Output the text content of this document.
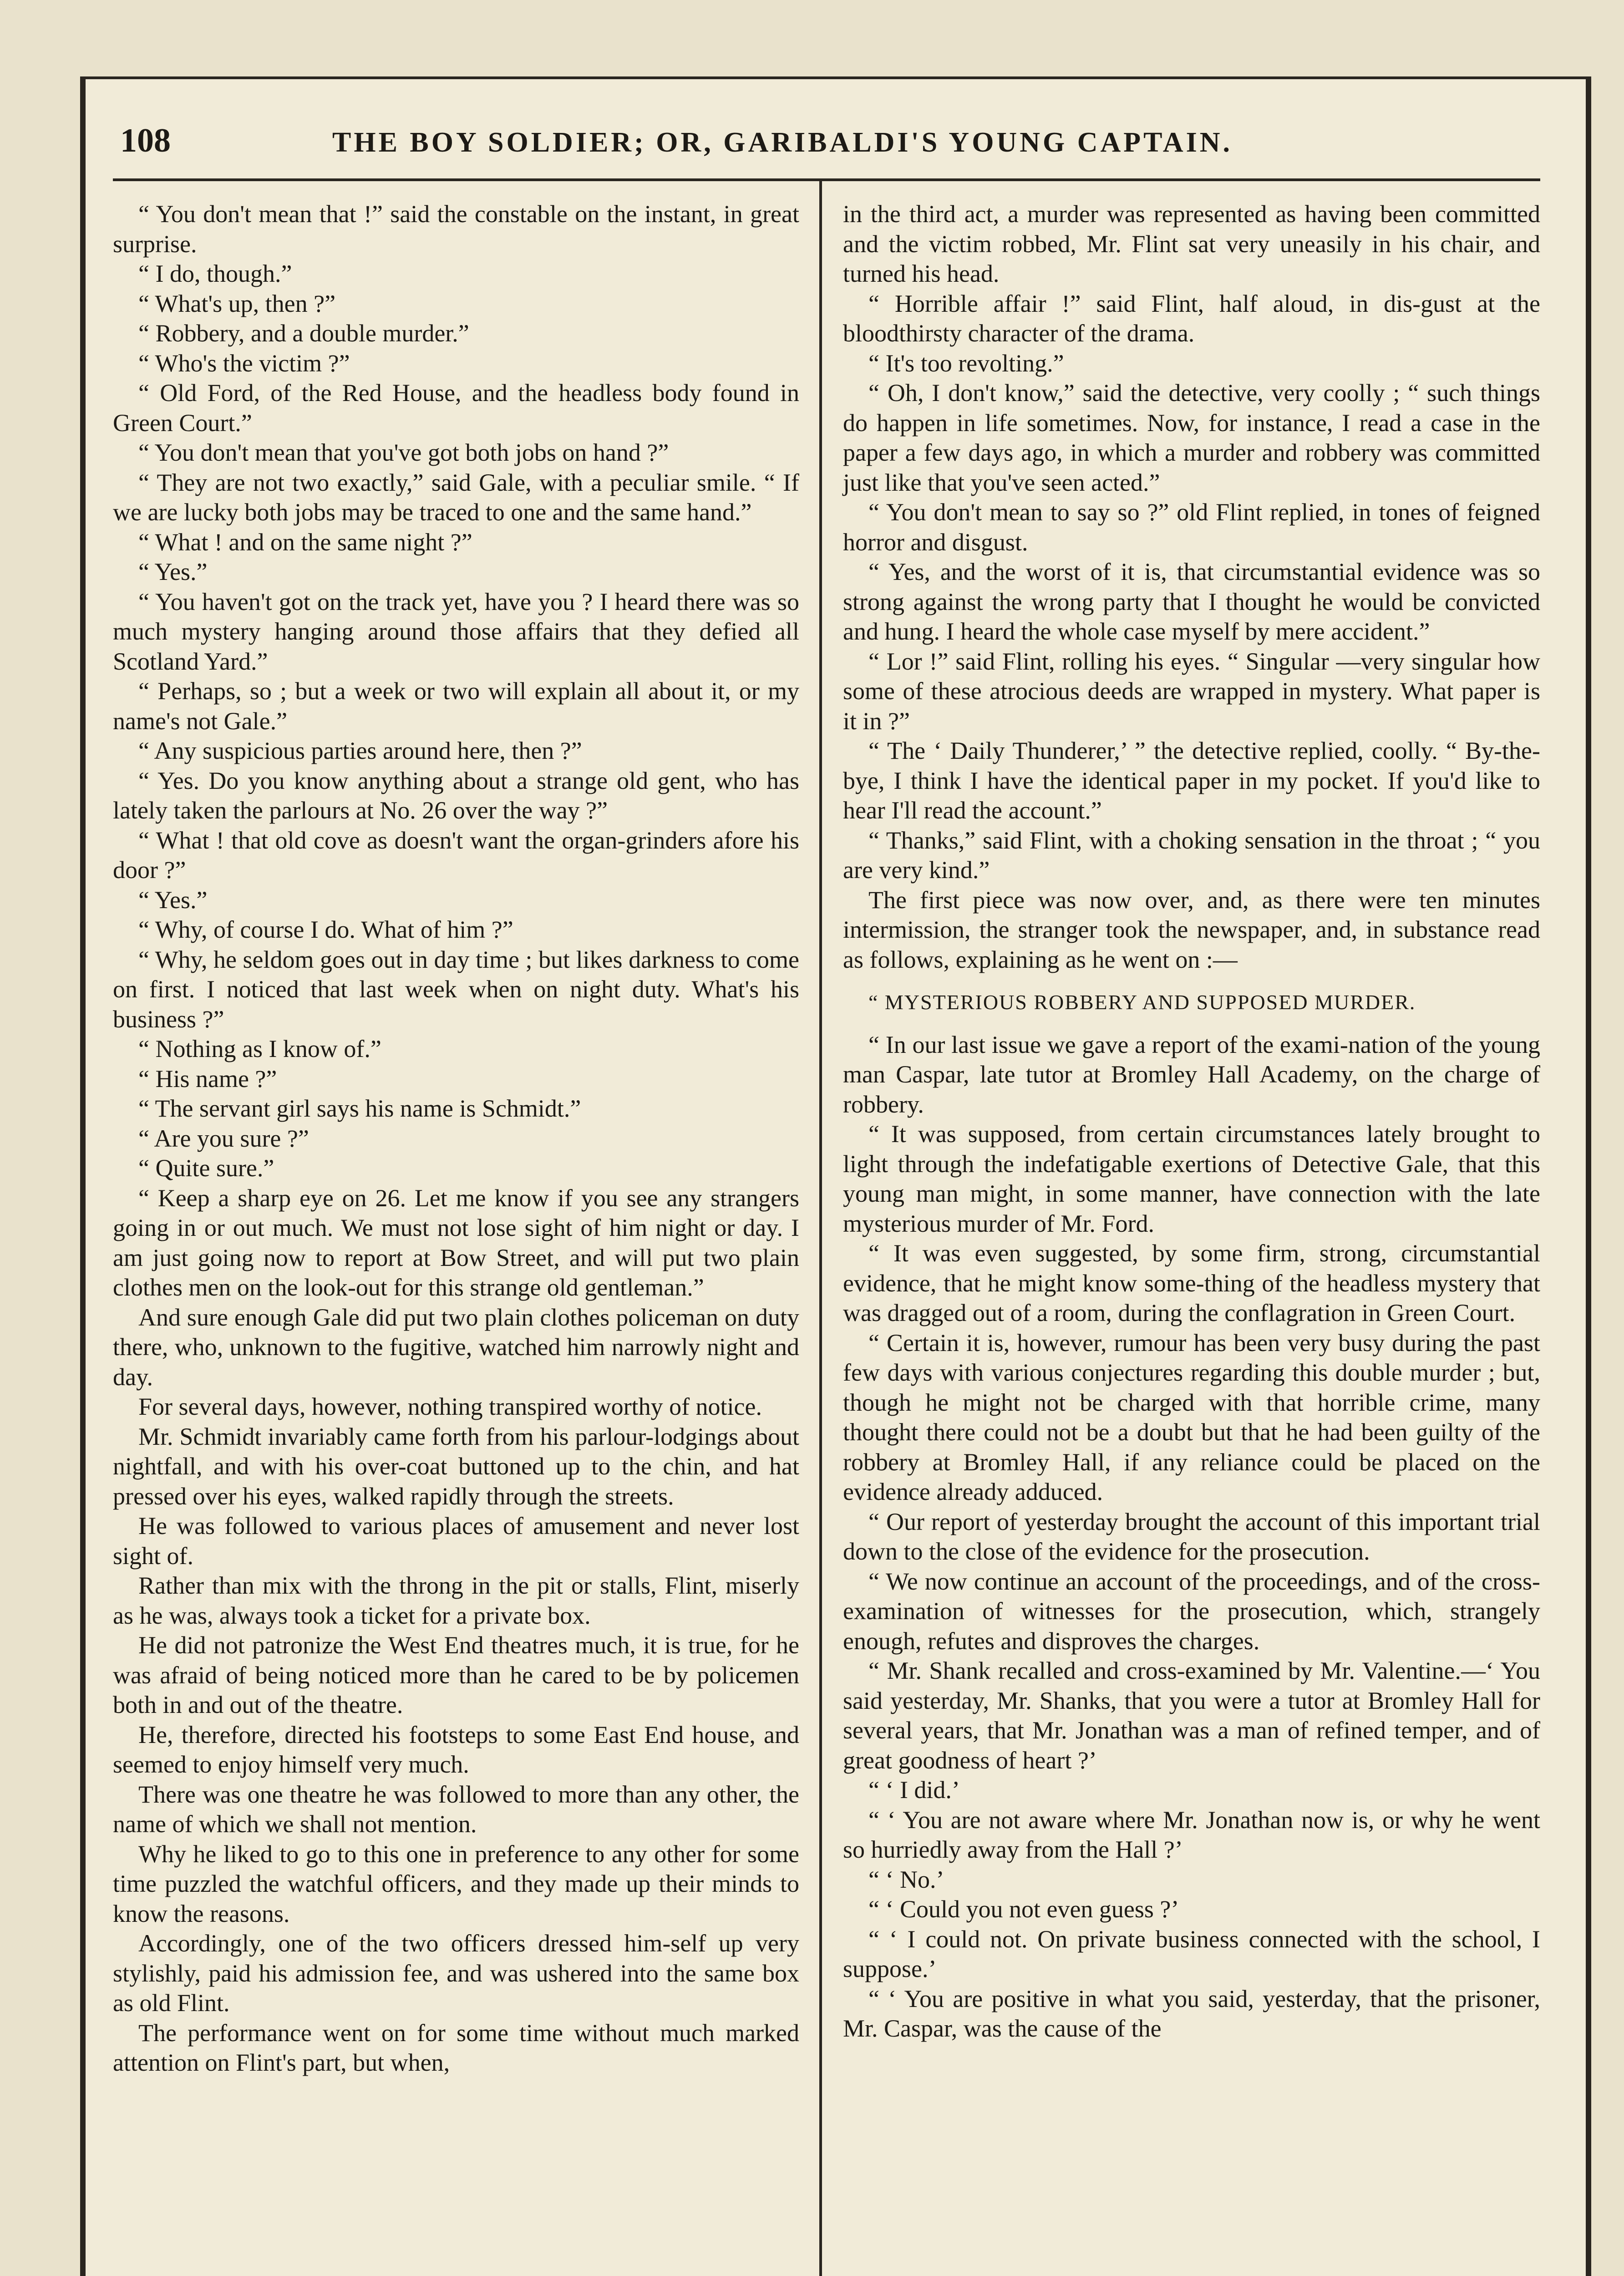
108	THE BOY SOLDIER; OR, GARIBALDI'S YOUNG CAPTAIN.

“ You don't mean that !” said the constable on the instant, in great surprise.

“ I do, though.”

“ What's up, then ?”

“ Robbery, and a double murder.”

“ Who's the victim ?”

“ Old Ford, of the Red House, and the headless body found in Green Court.”

“ You don't mean that you've got both jobs on hand ?”

“ They are not two exactly,” said Gale, with a peculiar smile. “ If we are lucky both jobs may be traced to one and the same hand.”

“ What ! and on the same night ?”

“ Yes.”

“ You haven't got on the track yet, have you ? I heard there was so much mystery hanging around those affairs that they defied all Scotland Yard.”

“ Perhaps, so ; but a week or two will explain all about it, or my name's not Gale.”

“ Any suspicious parties around here, then ?”

“ Yes. Do you know anything about a strange old gent, who has lately taken the parlours at No. 26 over the way ?”

“ What ! that old cove as doesn't want the organ-grinders afore his door ?”

“ Yes.”

“ Why, of course I do. What of him ?”

“ Why, he seldom goes out in day time ; but likes darkness to come on first. I noticed that last week when on night duty. What's his business ?”

“ Nothing as I know of.”

“ His name ?”

“ The servant girl says his name is Schmidt.”

“ Are you sure ?”

“ Quite sure.”

“ Keep a sharp eye on 26. Let me know if you see any strangers going in or out much. We must not lose sight of him night or day. I am just going now to report at Bow Street, and will put two plain clothes men on the look-out for this strange old gentleman.”

And sure enough Gale did put two plain clothes policeman on duty there, who, unknown to the fugitive, watched him narrowly night and day.

For several days, however, nothing transpired worthy of notice.

Mr. Schmidt invariably came forth from his parlour-lodgings about nightfall, and with his over-coat buttoned up to the chin, and hat pressed over his eyes, walked rapidly through the streets.

He was followed to various places of amusement and never lost sight of.

Rather than mix with the throng in the pit or stalls, Flint, miserly as he was, always took a ticket for a private box.

He did not patronize the West End theatres much, it is true, for he was afraid of being noticed more than he cared to be by policemen both in and out of the theatre.

He, therefore, directed his footsteps to some East End house, and seemed to enjoy himself very much.

There was one theatre he was followed to more than any other, the name of which we shall not mention.

Why he liked to go to this one in preference to any other for some time puzzled the watchful officers, and they made up their minds to know the reasons.

Accordingly, one of the two officers dressed him-self up very stylishly, paid his admission fee, and was ushered into the same box as old Flint.

The performance went on for some time without much marked attention on Flint's part, but when,

in the third act, a murder was represented as having been committed and the victim robbed, Mr. Flint sat very uneasily in his chair, and turned his head.

“ Horrible affair !” said Flint, half aloud, in dis-gust at the bloodthirsty character of the drama.

“ It's too revolting.”

“ Oh, I don't know,” said the detective, very coolly ; “ such things do happen in life sometimes. Now, for instance, I read a case in the paper a few days ago, in which a murder and robbery was committed just like that you've seen acted.”

“ You don't mean to say so ?” old Flint replied, in tones of feigned horror and disgust.

“ Yes, and the worst of it is, that circumstantial evidence was so strong against the wrong party that I thought he would be convicted and hung. I heard the whole case myself by mere accident.”

“ Lor !” said Flint, rolling his eyes. “ Singular —very singular how some of these atrocious deeds are wrapped in mystery. What paper is it in ?”

“ The ‘ Daily Thunderer,’ ” the detective replied, coolly. “ By-the-bye, I think I have the identical paper in my pocket. If you'd like to hear I'll read the account.”

“ Thanks,” said Flint, with a choking sensation in the throat ; “ you are very kind.”

The first piece was now over, and, as there were ten minutes intermission, the stranger took the newspaper, and, in substance read as follows, explaining as he went on :—

“ MYSTERIOUS ROBBERY AND SUPPOSED MURDER.

“ In our last issue we gave a report of the exami-nation of the young man Caspar, late tutor at Bromley Hall Academy, on the charge of robbery.

“ It was supposed, from certain circumstances lately brought to light through the indefatigable exertions of Detective Gale, that this young man might, in some manner, have connection with the late mysterious murder of Mr. Ford.

“ It was even suggested, by some firm, strong, circumstantial evidence, that he might know some-thing of the headless mystery that was dragged out of a room, during the conflagration in Green Court.

“ Certain it is, however, rumour has been very busy during the past few days with various conjectures regarding this double murder ; but, though he might not be charged with that horrible crime, many thought there could not be a doubt but that he had been guilty of the robbery at Bromley Hall, if any reliance could be placed on the evidence already adduced.

“ Our report of yesterday brought the account of this important trial down to the close of the evidence for the prosecution.

“ We now continue an account of the proceedings, and of the cross-examination of witnesses for the prosecution, which, strangely enough, refutes and disproves the charges.

“ Mr. Shank recalled and cross-examined by Mr. Valentine.—‘ You said yesterday, Mr. Shanks, that you were a tutor at Bromley Hall for several years, that Mr. Jonathan was a man of refined temper, and of great goodness of heart ?’

“ ‘ I did.’

“ ‘ You are not aware where Mr. Jonathan now is, or why he went so hurriedly away from the Hall ?’

“ ‘ No.’

“ ‘ Could you not even guess ?’

“ ‘ I could not. On private business connected with the school, I suppose.’

“ ‘ You are positive in what you said, yesterday, that the prisoner, Mr. Caspar, was the cause of the
